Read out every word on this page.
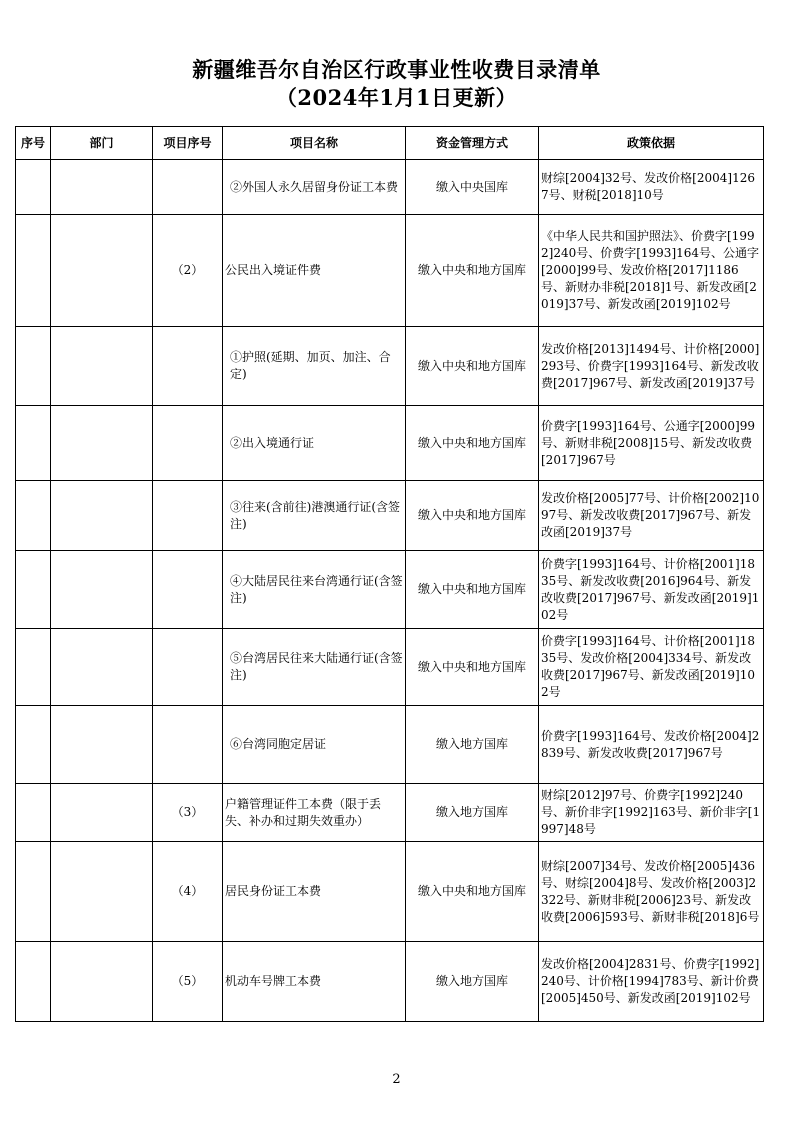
新疆维吾尔自治区行政事业性收费目录清单
（2024年1月1日更新）
序号	部门	项目序号	项目名称	资金管理方式	政策依据
			②外国人永久居留身份证工本费	缴入中央国库	财综[2004]32号、发改价格[2004]1267号、财税[2018]10号
		（2）	公民出入境证件费	缴入中央和地方国库	《中华人民共和国护照法》、价费字[1992]240号、价费字[1993]164号、公通字[2000]99号、发改价格[2017]1186号、新财办非税[2018]1号、新发改函[2019]37号、新发改函[2019]102号
			①护照(延期、加页、加注、合定)	缴入中央和地方国库	发改价格[2013]1494号、计价格[2000]293号、价费字[1993]164号、新发改收费[2017]967号、新发改函[2019]37号
			②出入境通行证	缴入中央和地方国库	价费字[1993]164号、公通字[2000]99号、新财非税[2008]15号、新发改收费[2017]967号
			③往来(含前往)港澳通行证(含签注)	缴入中央和地方国库	发改价格[2005]77号、计价格[2002]1097号、新发改收费[2017]967号、新发改函[2019]37号
			④大陆居民往来台湾通行证(含签注)	缴入中央和地方国库	价费字[1993]164号、计价格[2001]1835号、新发改收费[2016]964号、新发改收费[2017]967号、新发改函[2019]102号
			⑤台湾居民往来大陆通行证(含签注)	缴入中央和地方国库	价费字[1993]164号、计价格[2001]1835号、发改价格[2004]334号、新发改收费[2017]967号、新发改函[2019]102号
			⑥台湾同胞定居证	缴入地方国库	价费字[1993]164号、发改价格[2004]2839号、新发改收费[2017]967号
		（3）	户籍管理证件工本费（限于丢失、补办和过期失效重办）	缴入地方国库	财综[2012]97号、价费字[1992]240号、新价非字[1992]163号、新价非字[1997]48号
		（4）	居民身份证工本费	缴入中央和地方国库	财综[2007]34号、发改价格[2005]436号、财综[2004]8号、发改价格[2003]2322号、新财非税[2006]23号、新发改收费[2006]593号、新财非税[2018]6号
		（5）	机动车号牌工本费	缴入地方国库	发改价格[2004]2831号、价费字[1992]240号、计价格[1994]783号、新计价费[2005]450号、新发改函[2019]102号
2
